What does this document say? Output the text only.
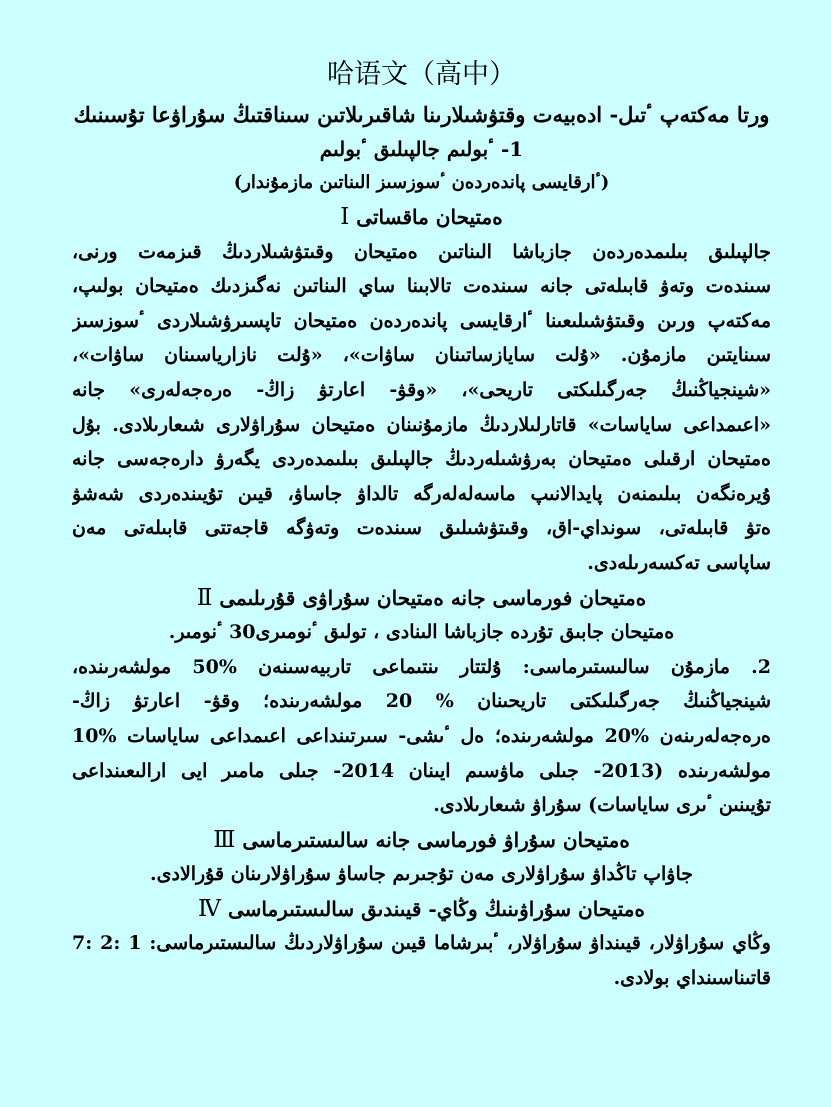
哈语文（高中）
ورتا مەكتەپ ٴتىل- ادەبيەت وقتۋشىلارىنا شاقىرىلاتىن سىناقتىڭ سۇراۋعا تۇسىنىك
1- ٴبولىم جالپىلىق ٴبولىم
(ٴارقايسى پاندەردەن ٴسوزسىز الىناتىن مازمۇندار)
Ⅰ ەمتيحان ماقساتى
جالپىلىق بىلىمدەردەن جازباشا الىناتىن ەمتيحان وقىتۋشىلاردىڭ قىزمەت ورنى،
سىندەت وتەۋ قابىلەتى جانە سىندەت تالابىنا ساي الىناتىن نەگىزدىك ەمتيحان بولىپ،
مەكتەپ ورىن وقىتۋشىلىعىنا ٴارقايسى پاندەردەن ەمتيحان تاپسىرۋشىلاردى ٴسوزسىز
سىنايتىن مازمۇن. «ۇلت سايازساتىنان ساۋات»، «ۇلت نازارياسىنان ساۋات»،
«شينجياڭنىڭ جەرگىلىكتى تاريحى»، «وقۋ- اعارتۋ زاڭ- ەرەجەلەرى» جانە
«اعىمداعى ساياسات» قاتارلىلاردىڭ مازمۇنىنان ەمتيحان سۇراۋلارى شىعارىلادى. بۇل
ەمتيحان ارقىلى ەمتيحان بەرۋشىلەردىڭ جالپىلىق بىلىمدەردى يگەرۋ دارەجەسى جانە
ۇيرەنگەن بىلىمنەن پايدالانىپ ماسەلەلەرگە تالداۋ جاساۋ، قيىن تۇيىندەردى شەشۋ
ەتۋ قابىلەتى، سونداي-اق، وقىتۋشىلىق سىندەت وتەۋگە قاجەتتى قابىلەتى مەن
ساپاسى تەكسەرىلەدى.
Ⅱ ەمتيحان فورماسى جانە ەمتيحان سۇراۋى قۇرىلىمى
ەمتيحان جابىق تۇردە جازباشا الىنادى ، تولىق ٴنومىرى30 ٴنومىر.
2. مازمۇن سالىستىرماسى: ۇلتتار ىنتىماعى تاربيەسىنەن %50 مولشەرىندە،
شينجياڭنىڭ جەرگىلىكتى تاريحىنان % 20 مولشەرىندە؛ وقۋ- اعارتۋ زاڭ-
ەرەجەلەرىنەن %20 مولشەرىندە؛ ەل ٴىشى- سىرتىنداعى اعىمداعى ساياسات %10
مولشەرىندە (2013- جىلى ماۋسىم ايىنان 2014- جىلى مامىر ايى ارالىعىنداعى
تۇيىنىن ٴىرى ساياسات) سۇراۋ شىعارىلادى.
Ⅲ ەمتيحان سۇراۋ فورماسى جانە سالىستىرماسى
جاۋاپ تاڭداۋ سۇراۋلارى مەن تۇجىرىم جاساۋ سۇراۋلارىنان قۇرالادى.
Ⅳ ەمتيحان سۇراۋىنىڭ وڭاي- قيىندىق سالىستىرماسى
وڭاي سۇراۋلار، قيىنداۋ سۇراۋلار، ٴبىرشاما قيىن سۇراۋلاردىڭ سالىستىرماسى: 1 :2 :7
قاتىناسىنداي بولادى.
